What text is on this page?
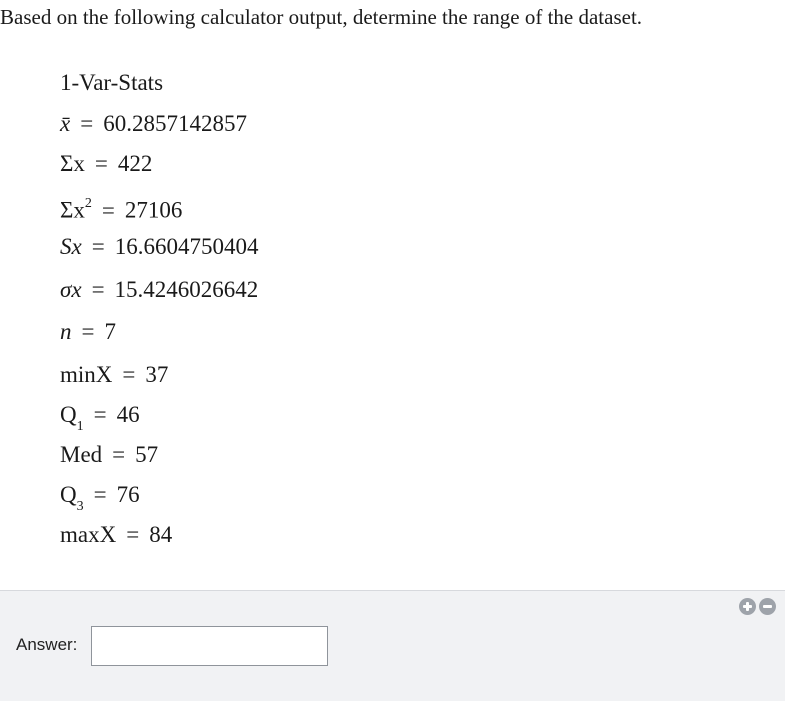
Based on the following calculator output, determine the range of the dataset.
1-Var-Stats
x̄ = 60.2857142857
Σx = 422
$\Sigma x^2 = 27106$
Sx = 16.6604750404
σx = 15.4246026642
n = 7
minX = 37
$Q_1 = 46$
Med = 57
$Q_3 = 76$
maxX = 84
Answer:
